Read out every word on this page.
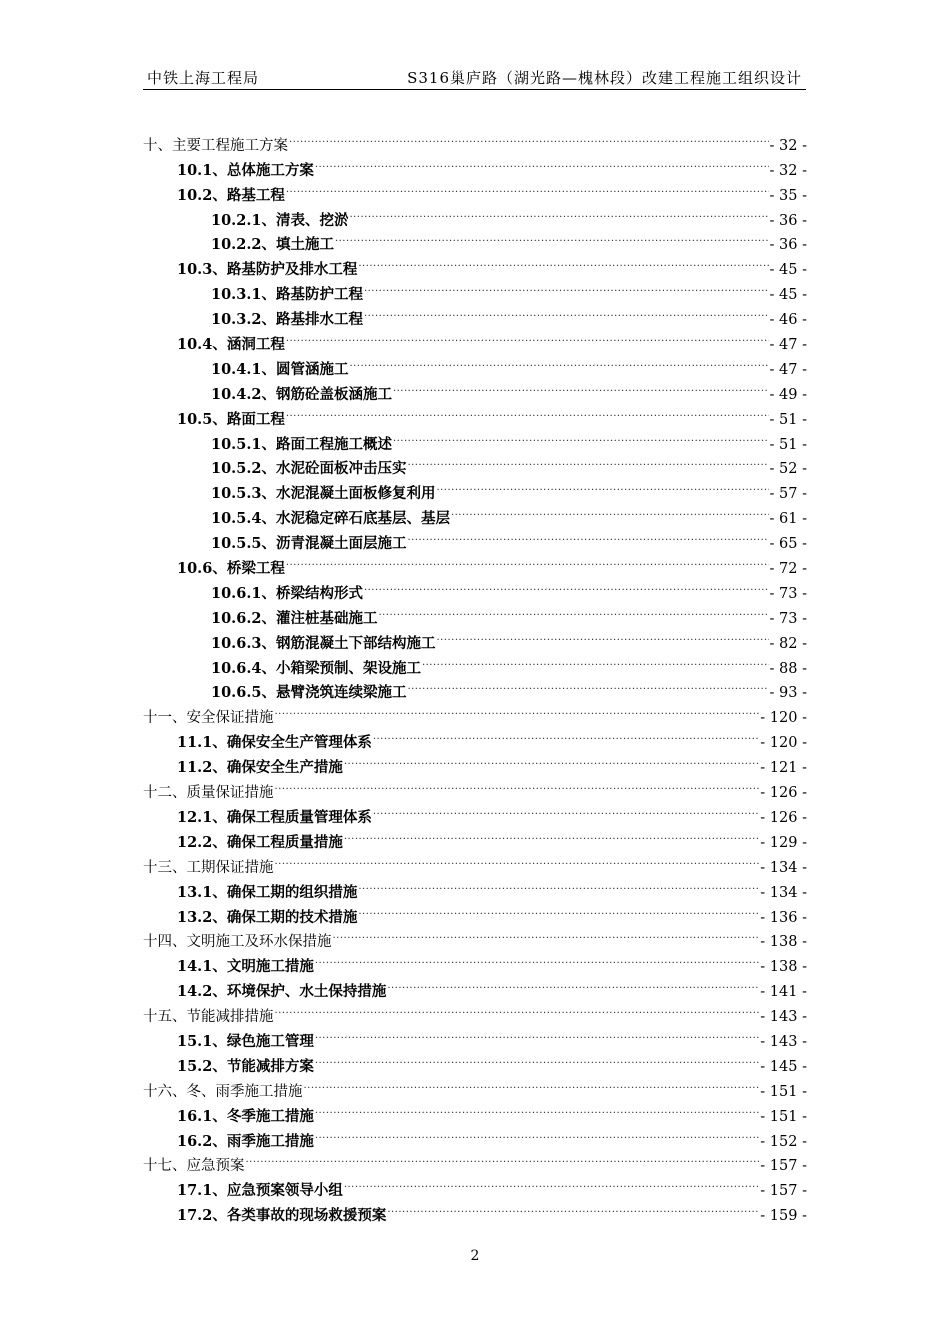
中铁上海工程局	S316巢庐路（湖光路—槐林段）改建工程施工组织设计
十、主要工程施工方案 .....	- 32 -
10.1、总体施工方案 .....	- 32 -
10.2、路基工程 .....	- 35 -
10.2.1、清表、挖淤 .....	- 36 -
10.2.2、填土施工 .....	- 36 -
10.3、路基防护及排水工程 .....	- 45 -
10.3.1、路基防护工程 .....	- 45 -
10.3.2、路基排水工程 .....	- 46 -
10.4、涵洞工程 .....	- 47 -
10.4.1、圆管涵施工 .....	- 47 -
10.4.2、钢筋砼盖板涵施工 .....	- 49 -
10.5、路面工程 .....	- 51 -
10.5.1、路面工程施工概述 .....	- 51 -
10.5.2、水泥砼面板冲击压实 .....	- 52 -
10.5.3、水泥混凝土面板修复利用 .....	- 57 -
10.5.4、水泥稳定碎石底基层、基层 .....	- 61 -
10.5.5、沥青混凝土面层施工 .....	- 65 -
10.6、桥梁工程 .....	- 72 -
10.6.1、桥梁结构形式 .....	- 73 -
10.6.2、灌注桩基础施工 .....	- 73 -
10.6.3、钢筋混凝土下部结构施工 .....	- 82 -
10.6.4、小箱梁预制、架设施工 .....	- 88 -
10.6.5、悬臂浇筑连续梁施工 .....	- 93 -
十一、安全保证措施 .....	- 120 -
11.1、确保安全生产管理体系 .....	- 120 -
11.2、确保安全生产措施 .....	- 121 -
十二、质量保证措施 .....	- 126 -
12.1、确保工程质量管理体系 .....	- 126 -
12.2、确保工程质量措施 .....	- 129 -
十三、工期保证措施 .....	- 134 -
13.1、确保工期的组织措施 .....	- 134 -
13.2、确保工期的技术措施 .....	- 136 -
十四、文明施工及环水保措施 .....	- 138 -
14.1、文明施工措施 .....	- 138 -
14.2、环境保护、水土保持措施 .....	- 141 -
十五、节能减排措施 .....	- 143 -
15.1、绿色施工管理 .....	- 143 -
15.2、节能减排方案 .....	- 145 -
十六、冬、雨季施工措施 .....	- 151 -
16.1、冬季施工措施 .....	- 151 -
16.2、雨季施工措施 .....	- 152 -
十七、应急预案 .....	- 157 -
17.1、应急预案领导小组 .....	- 157 -
17.2、各类事故的现场救援预案 .....	- 159 -
2
